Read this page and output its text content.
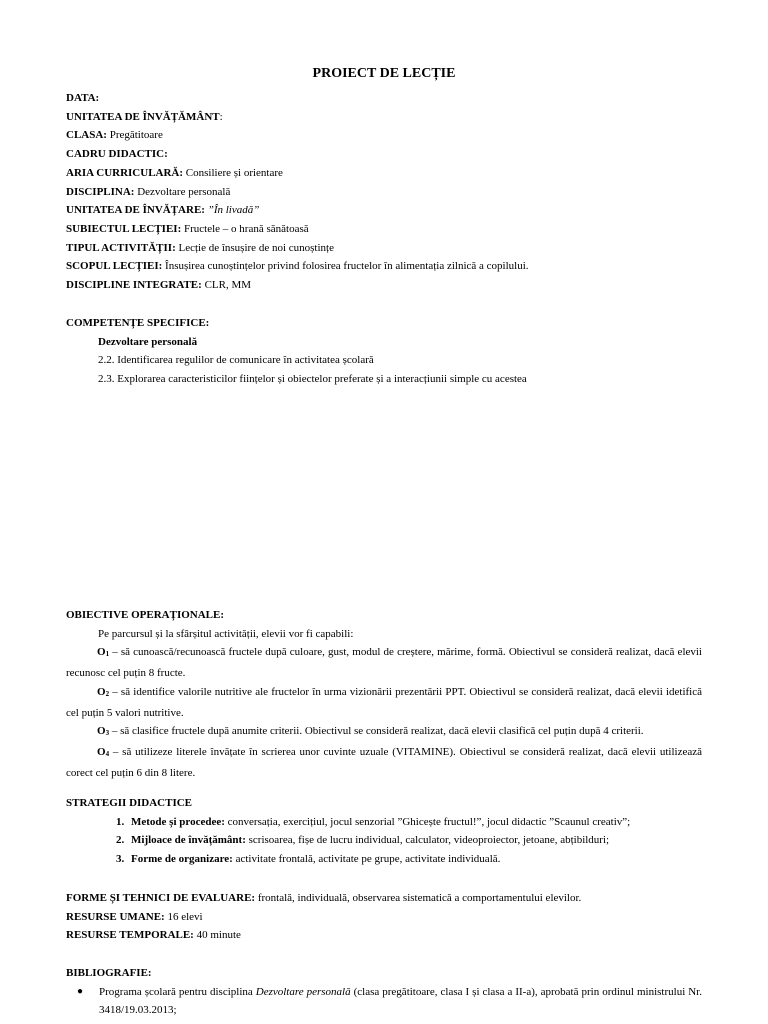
PROIECT DE LECȚIE
DATA:
UNITATEA DE ÎNVĂȚĂMÂNT:
CLASA: Pregătitoare
CADRU DIDACTIC:
ARIA CURRICULARĂ: Consiliere și orientare
DISCIPLINA: Dezvoltare personală
UNITATEA DE ÎNVĂȚARE: ”În livadă”
SUBIECTUL LECȚIEI: Fructele – o hrană sănătoasă
TIPUL ACTIVITĂȚII: Lecție de însușire de noi cunoștințe
SCOPUL LECȚIEI: Însușirea cunoștințelor privind folosirea fructelor în alimentația zilnică a copilului.
DISCIPLINE INTEGRATE: CLR, MM
COMPETENȚE SPECIFICE:
Dezvoltare personală
2.2. Identificarea regulilor de comunicare în activitatea școlară
2.3. Explorarea caracteristicilor ființelor și obiectelor preferate și a interacțiunii simple cu acestea
OBIECTIVE OPERAȚIONALE:
Pe parcursul și la sfârșitul activității, elevii vor fi capabili:
$O_1$ – să cunoască/recunoască fructele după culoare, gust, modul de creștere, mărime, formă. Obiectivul se consideră realizat, dacă elevii recunosc cel puțin 8 fructe.
$O_2$ – să identifice valorile nutritive ale fructelor în urma vizionării prezentării PPT. Obiectivul se consideră realizat, dacă elevii idetifică cel puțin 5 valori nutritive.
$O_3$ – să clasifice fructele după anumite criterii. Obiectivul se consideră realizat, dacă elevii clasifică cel puțin după 4 criterii.
$O_4$ – să utilizeze literele învățate în scrierea unor cuvinte uzuale (VITAMINE). Obiectivul se consideră realizat, dacă elevii utilizează corect cel puțin 6 din 8 litere.
STRATEGII DIDACTICE
1. Metode și procedee: conversația, exercițiul, jocul senzorial ”Ghicește fructul!”, jocul didactic ”Scaunul creativ”;
2. Mijloace de învățământ: scrisoarea, fișe de lucru individual, calculator, videoproiector, jetoane, abțibilduri;
3. Forme de organizare: activitate frontală, activitate pe grupe, activitate individuală.
FORME ȘI TEHNICI DE EVALUARE: frontală, individuală, observarea sistematică a comportamentului elevilor.
RESURSE UMANE: 16 elevi
RESURSE TEMPORALE: 40 minute
BIBLIOGRAFIE:
● Programa școlară pentru disciplina Dezvoltare personală (clasa pregătitoare, clasa I și clasa a II-a), aprobată prin ordinul ministrului Nr. 3418/19.03.2013;
